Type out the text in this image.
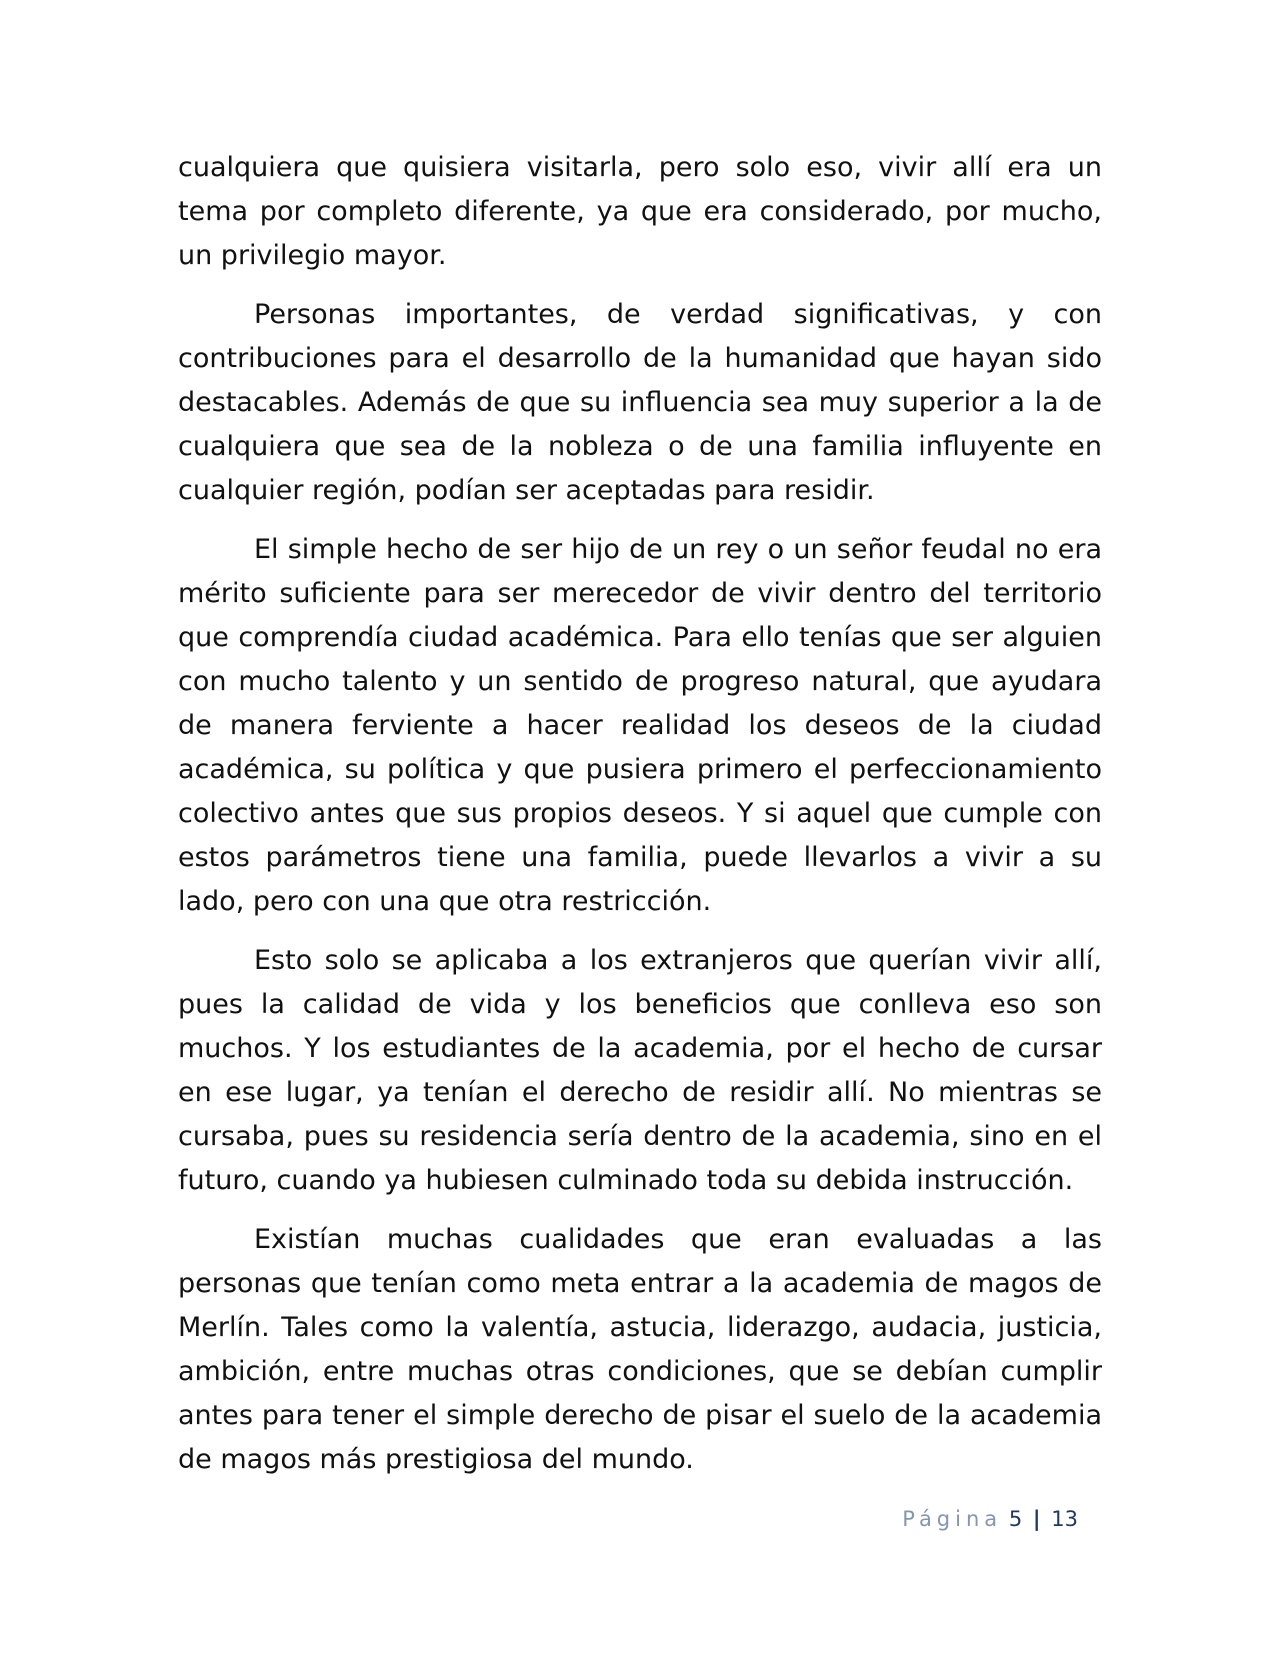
cualquiera que quisiera visitarla, pero solo eso, vivir allí era un tema por completo diferente, ya que era considerado, por mucho, un privilegio mayor.

Personas importantes, de verdad significativas, y con contribuciones para el desarrollo de la humanidad que hayan sido destacables. Además de que su influencia sea muy superior a la de cualquiera que sea de la nobleza o de una familia influyente en cualquier región, podían ser aceptadas para residir.

El simple hecho de ser hijo de un rey o un señor feudal no era mérito suficiente para ser merecedor de vivir dentro del territorio que comprendía ciudad académica. Para ello tenías que ser alguien con mucho talento y un sentido de progreso natural, que ayudara de manera ferviente a hacer realidad los deseos de la ciudad académica, su política y que pusiera primero el perfeccionamiento colectivo antes que sus propios deseos. Y si aquel que cumple con estos parámetros tiene una familia, puede llevarlos a vivir a su lado, pero con una que otra restricción.

Esto solo se aplicaba a los extranjeros que querían vivir allí, pues la calidad de vida y los beneficios que conlleva eso son muchos. Y los estudiantes de la academia, por el hecho de cursar en ese lugar, ya tenían el derecho de residir allí. No mientras se cursaba, pues su residencia sería dentro de la academia, sino en el futuro, cuando ya hubiesen culminado toda su debida instrucción.

Existían muchas cualidades que eran evaluadas a las personas que tenían como meta entrar a la academia de magos de Merlín. Tales como la valentía, astucia, liderazgo, audacia, justicia, ambición, entre muchas otras condiciones, que se debían cumplir antes para tener el simple derecho de pisar el suelo de la academia de magos más prestigiosa del mundo.

Página 5 | 13
